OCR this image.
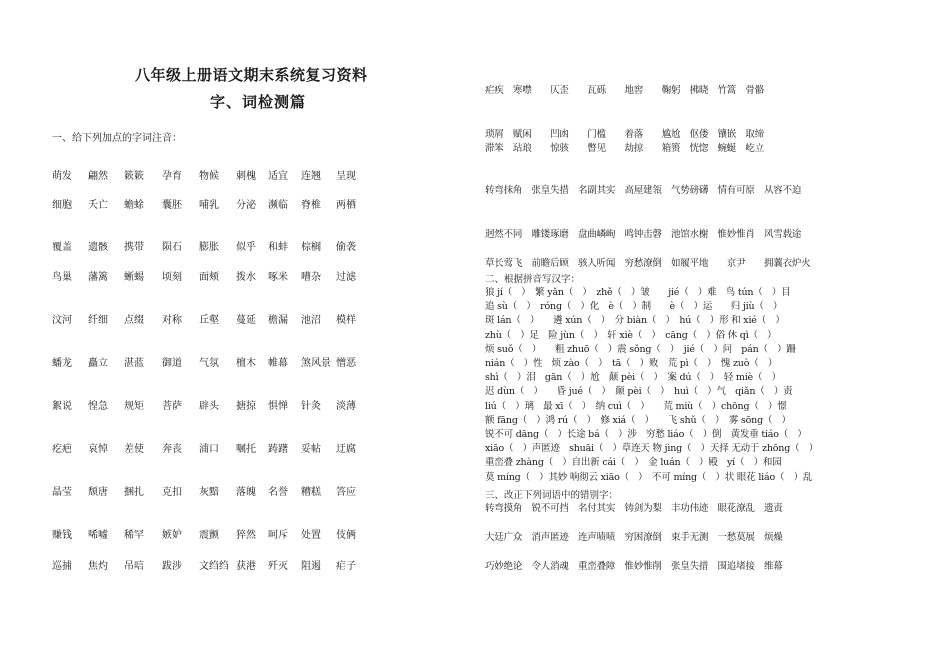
八年级上册语文期末系统复习资料
字、词检测篇
一、给下列加点的字词注音：
萌发 翩然 簌簌 孕育 物候 刺槐 适宜 连翘 呈现
细胞 夭亡 蟾蜍 囊胚 哺乳 分泌 濒临 脊椎 两栖
覆盖 遗骸 携带 陨石 膨胀 似乎 和蚌 棕榈 偷袭
鸟巢 藩篱 蜥蜴 顷刻 面颊 拨水 啄米 嘈杂 过滤
汶河 纤细 点缀 对称 丘壑 蔓延 檐漏 池沼 模样
蟠龙 矗立 湛蓝 御道 气氛 檀木 帷幕 煞风景 憎恶
絮说 惶急 规矩 菩萨 辟头 搪掠 惧惮 针灸 淡薄
疙疤 哀悼 差使 奔丧 浦口 嘱托 踌躇 妥帖 迂腐
晶莹 颓唐 捆扎 克扣 灰黯 落魄 名誉 糟糕 答应
赚钱 唏嘘 稀罕 嫉妒 震颤 猝然 呵斥 处置 伎俩
巡捕 焦灼 吊唁 跋涉 文绉绉 获港 歼灭 阻遏 疟子
疟疾　寒噤　　仄歪　　瓦砾　　地窖　　鞠躬　拂晓　竹篙　骨骼
琐屑　赋闲　　凹凼　　门槛　　着落　　尴尬　伛偻　镶嵌　取缔
滞笨　玷琅　　惊骇　　瞥见　　劫掠　　箱篑　恍惚　蜿蜒　屹立
转弯抹角　张皇失措　名副其实　高屋建瓴　气势磅礴　情有可原　从容不迫
迥然不同　雕镂琢磨　盘曲嶙峋　鸣钟击磬　池馆水榭　惟妙惟肖　风雪载途
草长莺飞　前瞻后顾　骇人听闻　穷愁潦倒　如履平地　　京尹　　拥蘘衣炉火
二、根据拼音写汉字：
狼 jí（　）　繁 yǎn（　）　zhě（　）皱　　jié（　）难　鸟 tún（　）目
追 sù（　）　róng（　）化　è（　）制　　è（　）运　　归 jiù（　）
斑 lán（　）　　遴 xún（　）　分 biàn（　）　hú（　）形 和 xié（　）
zhù（　）足　险 jùn（　）　轩 xiè（　）　cāng（　）俗 休 qì（　）
烦 suǒ（　）　　粗 zhuō（　）震 sǒng（　）　jié（　）问　pán（　）跚
nián（　）性　烦 zào（　）　tā（　）败　荒 pì（　）　愧 zuò（　）
shì（　）泪　gān（　）尬　颠 pèi（　）　案 dú（　）　轻 miè（　）
迟 dùn（　）　　昏 jué（　）　颠 pèi（　）　huì（　）气　qiǎn（　）责
liú（　）璃　最 xī（　）　纳 cuì（　）　　荒 miù（　）chōng（　）憬
额 fāng（　）鸿 rú（　）　修 xiá（　）　　飞 shǔ（　）　雾 sōng（　）
锐不可 dāng（　）长途 bá（　）涉　穷愁 liáo（　）倒　黄发垂 tiáo（　）
xiāo（　）声匿迹　shuāi（　）草连天 物 jìng（　）天择 无动于 zhōng（　）
重峦叠 zhàng（　）自出新 cái（　）　金 luán（　）殿　yí（　）和园
莫 míng（　）其妙 响彻云 xiāo（　）　不可 míng（　）状 眼花 liáo（　）乱
三、改正下列词语中的错别字：
转弯摸角　锐不可挡　名付其实　铸剑为梨　丰功伟迹　眼花潦乱　遗责
大廷广众　消声匿迹　连声啧啧　穷困潦倒　束手无测　一愁莫展　烦燥
巧妙绝论　令人消魂　重峦叠障　惟妙惟削　张皇失措　围追堵接　维幕
